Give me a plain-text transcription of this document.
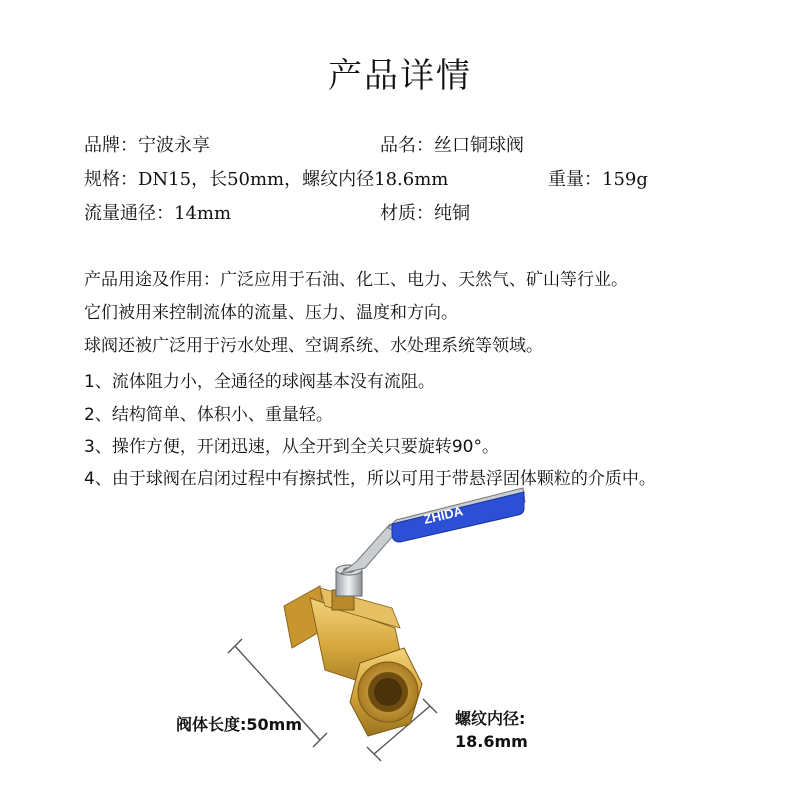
产品详情
品牌：宁波永享	品名：丝口铜球阀
规格：DN15，长50mm，螺纹内径18.6mm	重量：159g
流量通径：14mm	材质：纯铜
产品用途及作用：广泛应用于石油、化工、电力、天然气、矿山等行业。
它们被用来控制流体的流量、压力、温度和方向。
球阀还被广泛用于污水处理、空调系统、水处理系统等领域。
1、流体阻力小，全通径的球阀基本没有流阻。
2、结构简单、体积小、重量轻。
3、操作方便，开闭迅速，从全开到全关只要旋转90°。
4、由于球阀在启闭过程中有擦拭性，所以可用于带悬浮固体颗粒的介质中。
ZHIDA
阀体长度:50mm	螺纹内径:
18.6mm
